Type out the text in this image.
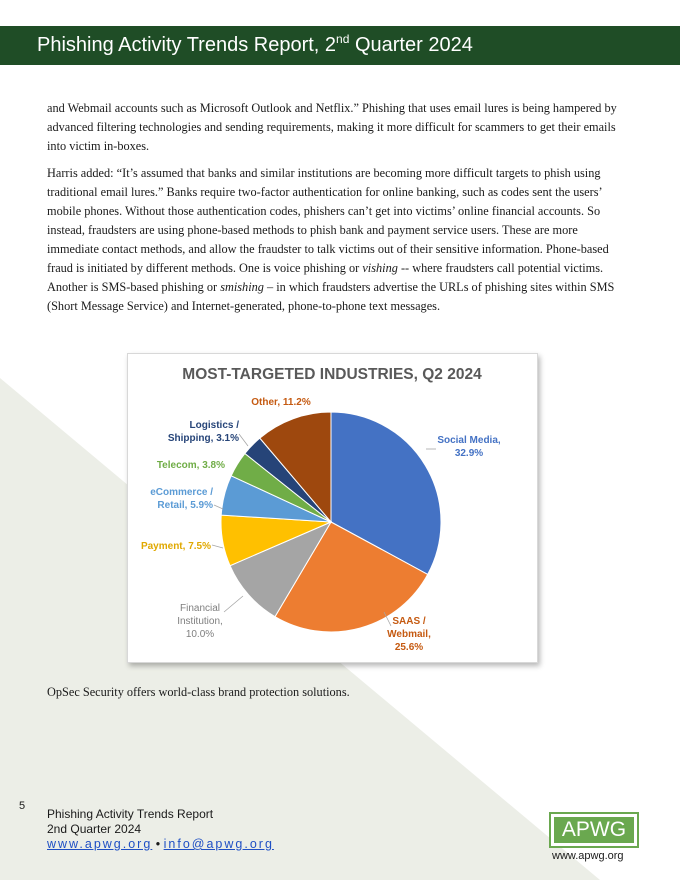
Phishing Activity Trends Report, 2nd Quarter 2024

and Webmail accounts such as Microsoft Outlook and Netflix.” Phishing that uses email lures is being hampered by advanced filtering technologies and sending requirements, making it more difficult for scammers to get their emails into victim in-boxes.

Harris added: “It’s assumed that banks and similar institutions are becoming more difficult targets to phish using traditional email lures.” Banks require two-factor authentication for online banking, such as codes sent the users’ mobile phones. Without those authentication codes, phishers can’t get into victims’ online financial accounts. So instead, fraudsters are using phone-based methods to phish bank and payment service users. These are more immediate contact methods, and allow the fraudster to talk victims out of their sensitive information. Phone-based fraud is initiated by different methods. One is voice phishing or vishing -- where fraudsters call potential victims. Another is SMS-based phishing or smishing – in which fraudsters advertise the URLs of phishing sites within SMS (Short Message Service) and Internet-generated, phone-to-phone text messages.

MOST-TARGETED INDUSTRIES, Q2 2024
Social Media, 32.9%
SAAS / Webmail, 25.6%
Financial Institution, 10.0%
Payment, 7.5%
eCommerce / Retail, 5.9%
Telecom, 3.8%
Logistics / Shipping, 3.1%
Other, 11.2%
OpSec Security offers world-class brand protection solutions.
5
Phishing Activity Trends Report
2nd Quarter 2024
www.apwg.org • info@apwg.org
APWG
www.apwg.org
